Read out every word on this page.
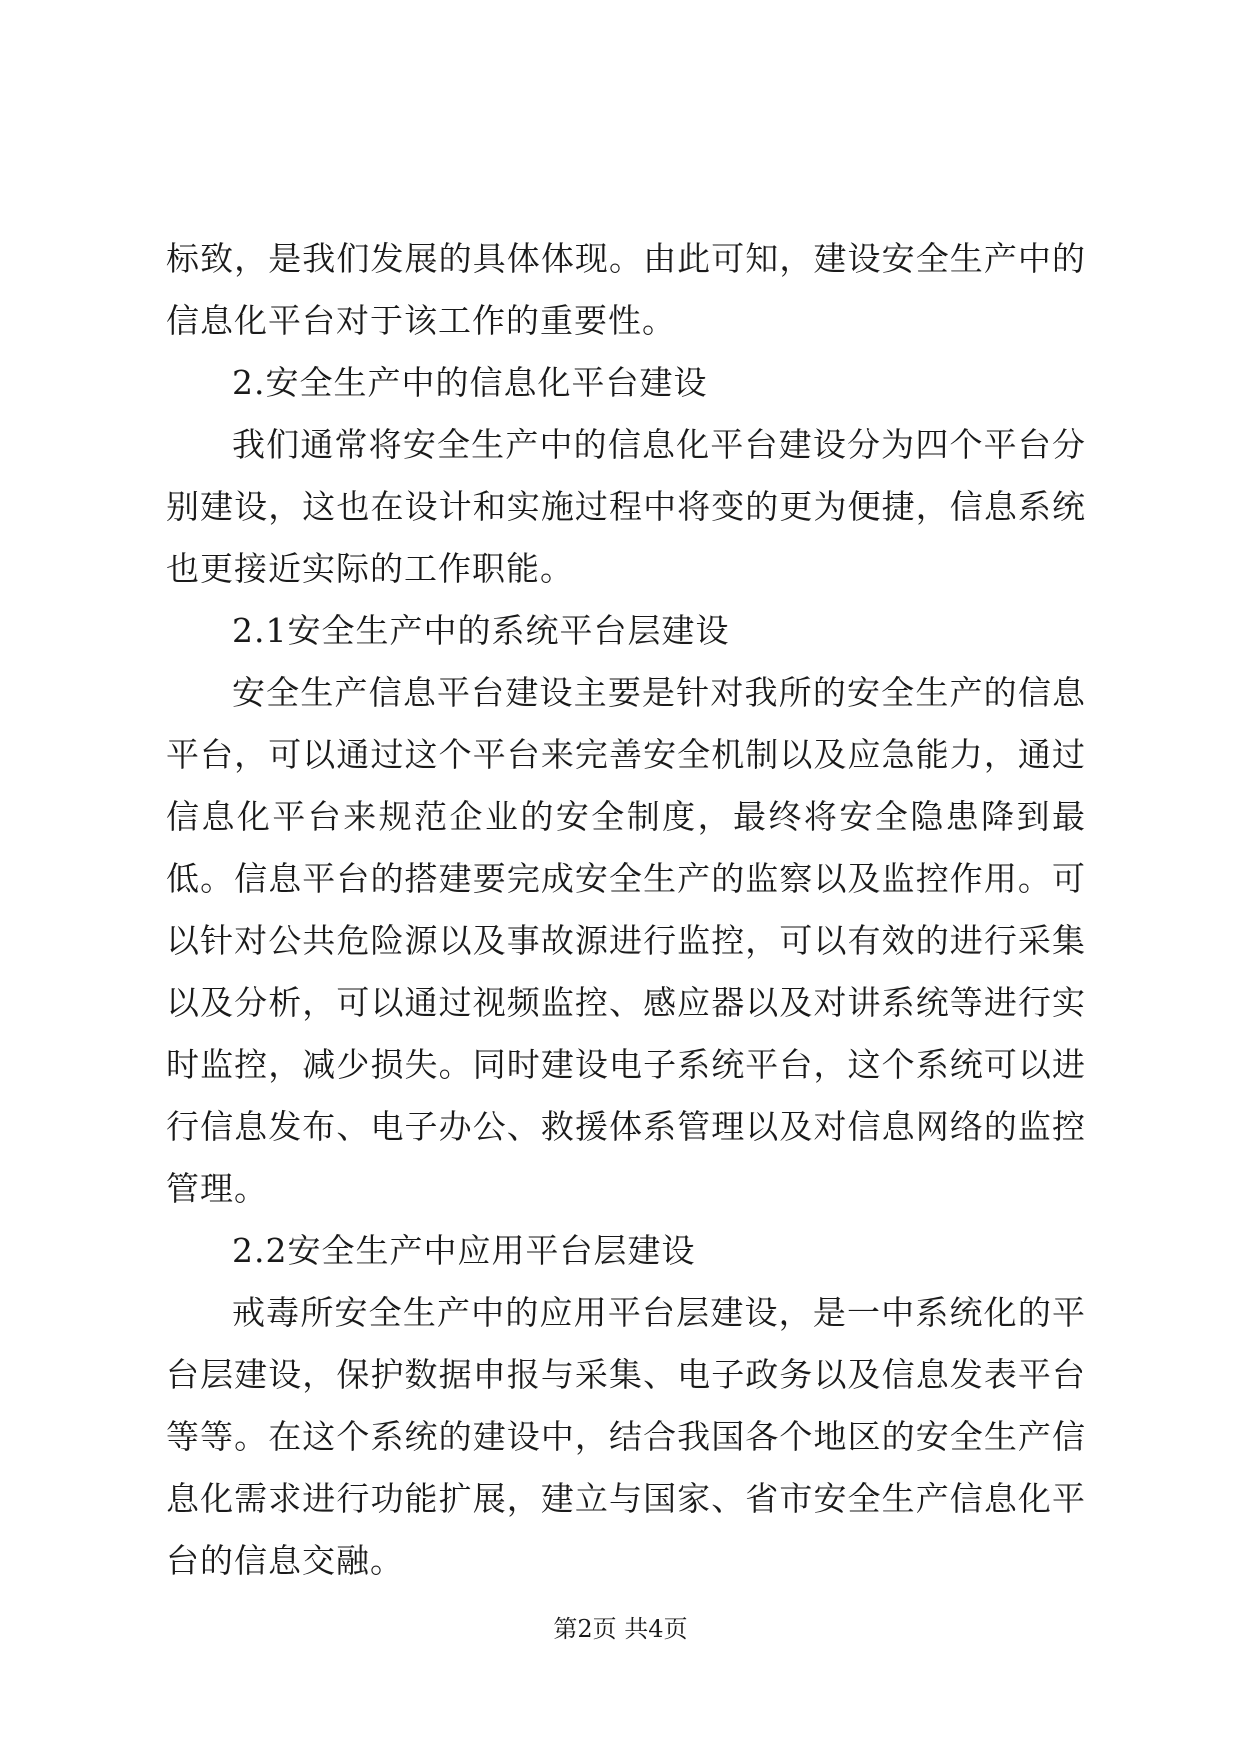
标致，是我们发展的具体体现。由此可知，建设安全生产中的信息化平台对于该工作的重要性。

2.安全生产中的信息化平台建设

我们通常将安全生产中的信息化平台建设分为四个平台分别建设，这也在设计和实施过程中将变的更为便捷，信息系统也更接近实际的工作职能。

2.1安全生产中的系统平台层建设

安全生产信息平台建设主要是针对我所的安全生产的信息平台，可以通过这个平台来完善安全机制以及应急能力，通过信息化平台来规范企业的安全制度，最终将安全隐患降到最低。信息平台的搭建要完成安全生产的监察以及监控作用。可以针对公共危险源以及事故源进行监控，可以有效的进行采集以及分析，可以通过视频监控、感应器以及对讲系统等进行实时监控，减少损失。同时建设电子系统平台，这个系统可以进行信息发布、电子办公、救援体系管理以及对信息网络的监控管理。

2.2安全生产中应用平台层建设

戒毒所安全生产中的应用平台层建设，是一中系统化的平台层建设，保护数据申报与采集、电子政务以及信息发表平台等等。在这个系统的建设中，结合我国各个地区的安全生产信息化需求进行功能扩展，建立与国家、省市安全生产信息化平台的信息交融。

第2页 共4页
